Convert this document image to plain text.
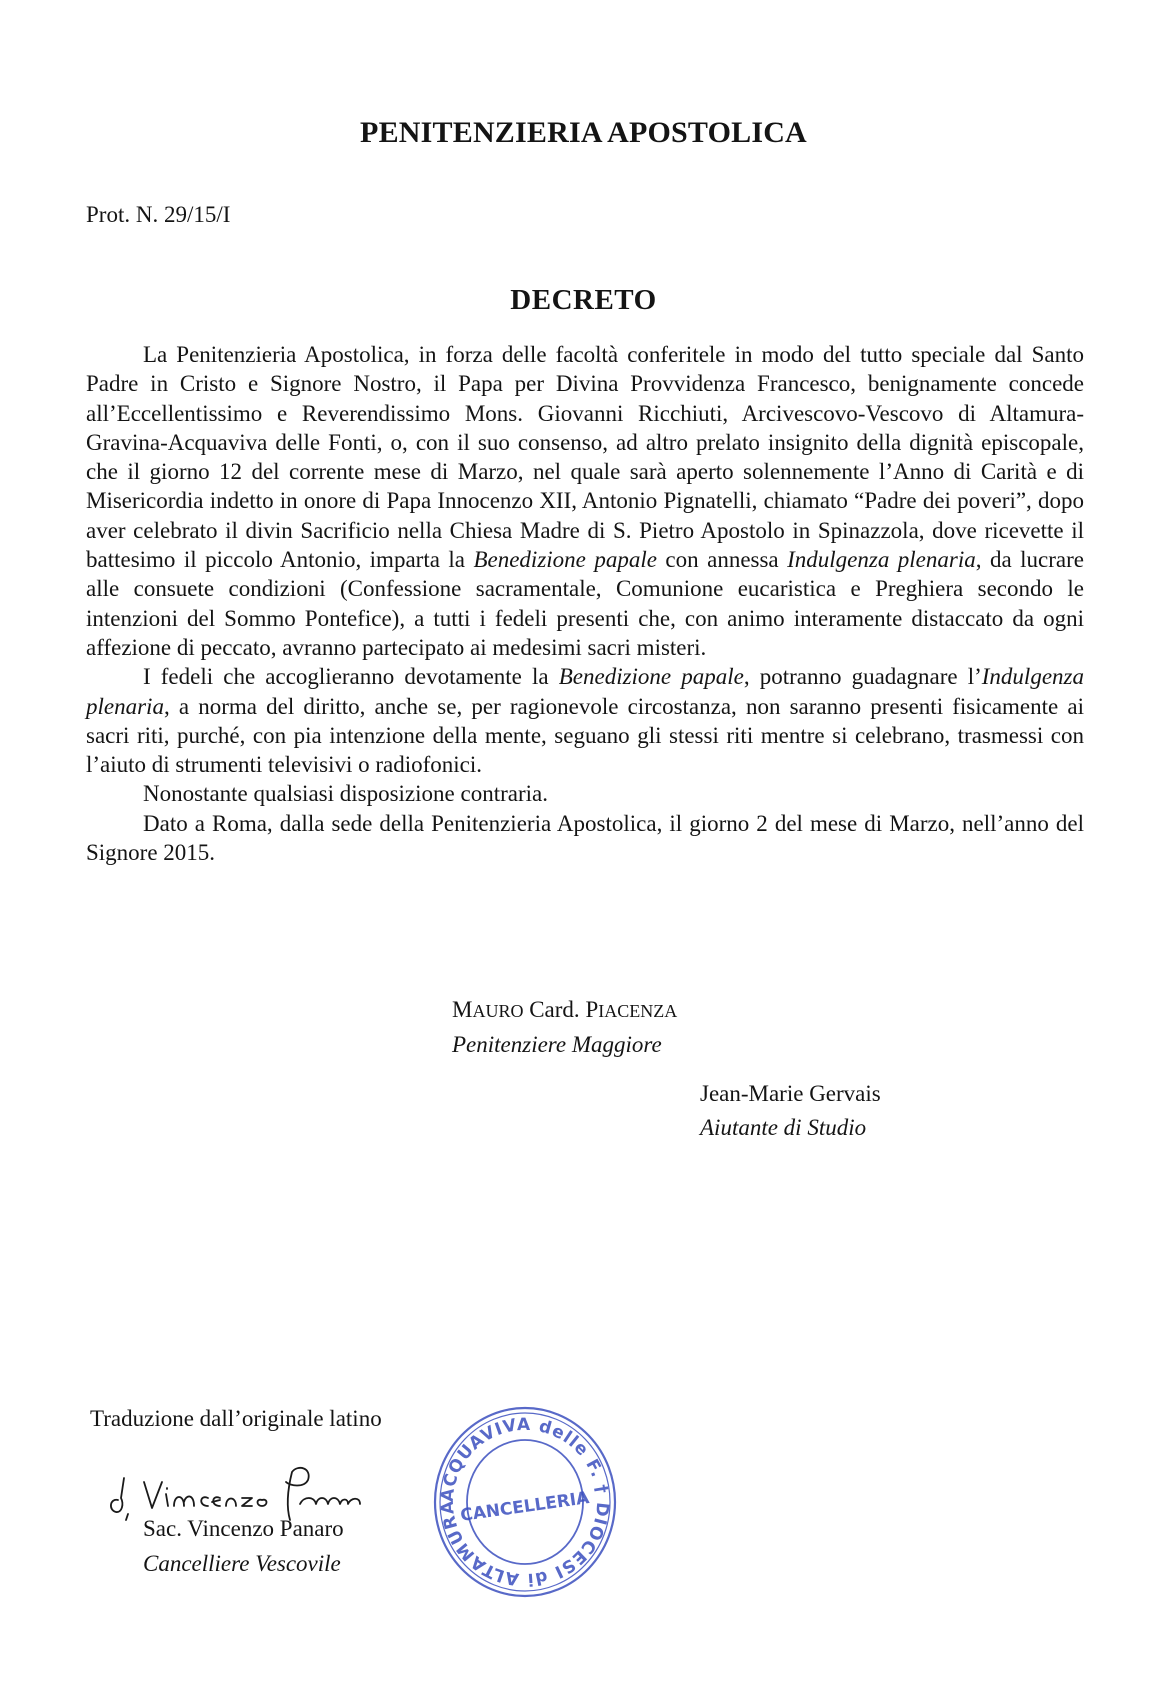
PENITENZIERIA APOSTOLICA
Prot. N. 29/15/I
DECRETO

La Penitenzieria Apostolica, in forza delle facoltà conferitele in modo del tutto speciale dal Santo Padre in Cristo e Signore Nostro, il Papa per Divina Provvidenza Francesco, benignamente concede all’Eccellentissimo e Reverendissimo Mons. Giovanni Ricchiuti, Arcivescovo-Vescovo di Altamura-Gravina-Acquaviva delle Fonti, o, con il suo consenso, ad altro prelato insignito della dignità episcopale, che il giorno 12 del corrente mese di Marzo, nel quale sarà aperto solennemente l’Anno di Carità e di Misericordia indetto in onore di Papa Innocenzo XII, Antonio Pignatelli, chiamato “Padre dei poveri”, dopo aver celebrato il divin Sacrificio nella Chiesa Madre di S. Pietro Apostolo in Spinazzola, dove ricevette il battesimo il piccolo Antonio, imparta la Benedizione papale con annessa Indulgenza plenaria, da lucrare alle consuete condizioni (Confessione sacramentale, Comunione eucaristica e Preghiera secondo le intenzioni del Sommo Pontefice), a tutti i fedeli presenti che, con animo interamente distaccato da ogni affezione di peccato, avranno partecipato ai medesimi sacri misteri.

I fedeli che accoglieranno devotamente la Benedizione papale, potranno guadagnare l’Indulgenza plenaria, a norma del diritto, anche se, per ragionevole circostanza, non saranno presenti fisicamente ai sacri riti, purché, con pia intenzione della mente, seguano gli stessi riti mentre si celebrano, trasmessi con l’aiuto di strumenti televisivi o radiofonici.

Nonostante qualsiasi disposizione contraria.

Dato a Roma, dalla sede della Penitenzieria Apostolica, il giorno 2 del mese di Marzo, nell’anno del Signore 2015.

MAURO Card. PIACENZA
Penitenziere Maggiore
Jean-Marie Gervais
Aiutante di Studio
Traduzione dall’originale latino
Sac. Vincenzo Panaro
Cancelliere Vescovile
ACQUAVIVA delle F. † DIOCESI di ALTAMURA CANCELLERIA
